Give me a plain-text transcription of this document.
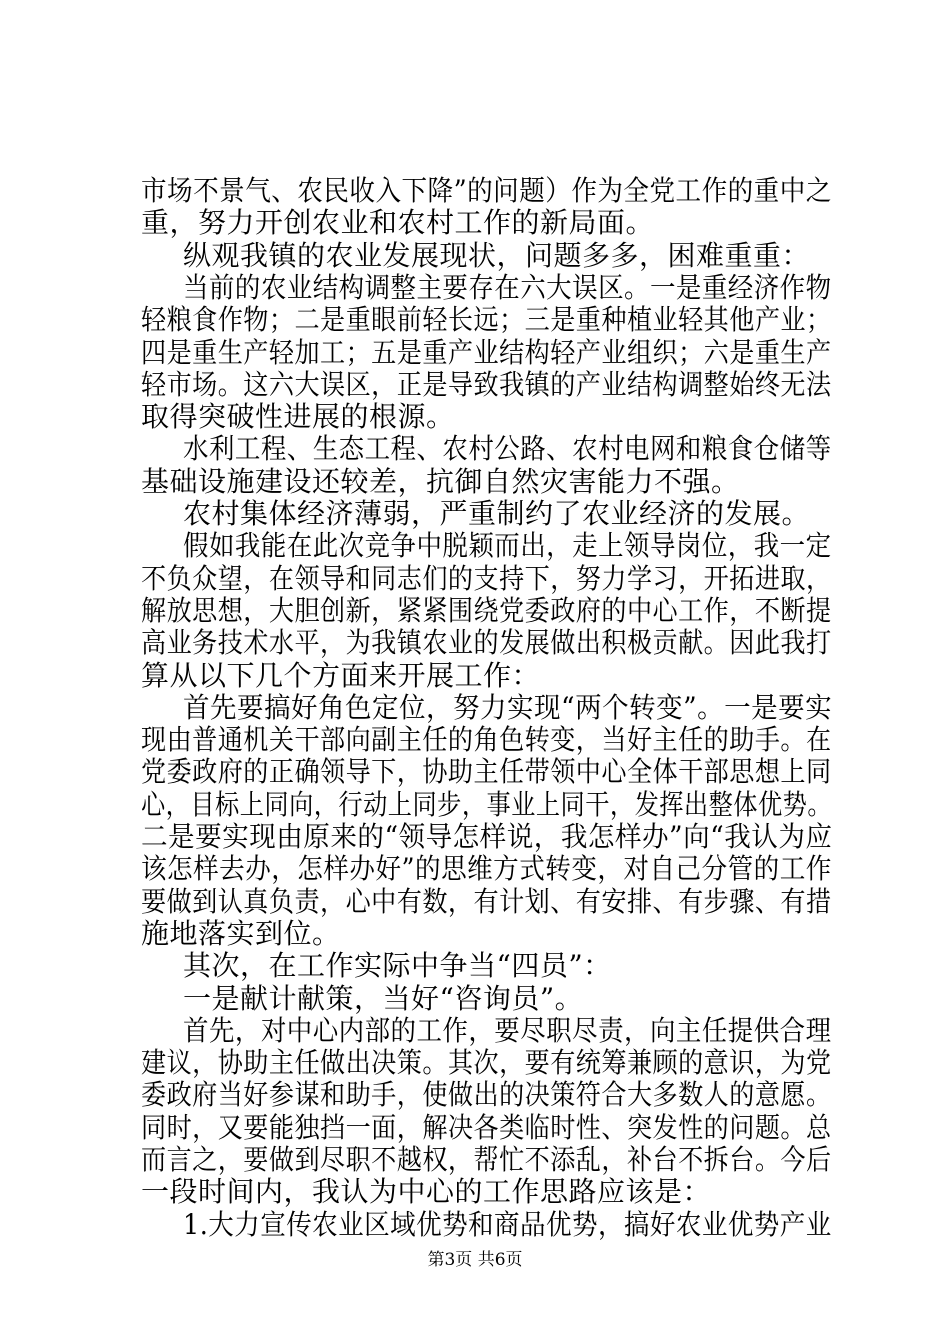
市场不景气、农民收入下降”的问题）作为全党工作的重中之
重，努力开创农业和农村工作的新局面。
纵观我镇的农业发展现状，问题多多，困难重重：
当前的农业结构调整主要存在六大误区。一是重经济作物
轻粮食作物；二是重眼前轻长远；三是重种植业轻其他产业；
四是重生产轻加工；五是重产业结构轻产业组织；六是重生产
轻市场。这六大误区，正是导致我镇的产业结构调整始终无法
取得突破性进展的根源。
水利工程、生态工程、农村公路、农村电网和粮食仓储等
基础设施建设还较差，抗御自然灾害能力不强。
农村集体经济薄弱，严重制约了农业经济的发展。
假如我能在此次竞争中脱颖而出，走上领导岗位，我一定
不负众望，在领导和同志们的支持下，努力学习，开拓进取，
解放思想，大胆创新，紧紧围绕党委政府的中心工作，不断提
高业务技术水平，为我镇农业的发展做出积极贡献。因此我打
算从以下几个方面来开展工作：
首先要搞好角色定位，努力实现“两个转变”。一是要实
现由普通机关干部向副主任的角色转变，当好主任的助手。在
党委政府的正确领导下，协助主任带领中心全体干部思想上同
心，目标上同向，行动上同步，事业上同干，发挥出整体优势。
二是要实现由原来的“领导怎样说，我怎样办”向“我认为应
该怎样去办，怎样办好”的思维方式转变，对自己分管的工作
要做到认真负责，心中有数，有计划、有安排、有步骤、有措
施地落实到位。
其次，在工作实际中争当“四员”：
一是献计献策，当好“咨询员”。
首先，对中心内部的工作，要尽职尽责，向主任提供合理
建议，协助主任做出决策。其次，要有统筹兼顾的意识，为党
委政府当好参谋和助手，使做出的决策符合大多数人的意愿。
同时，又要能独挡一面，解决各类临时性、突发性的问题。总
而言之，要做到尽职不越权，帮忙不添乱，补台不拆台。今后
一段时间内，我认为中心的工作思路应该是：
1.大力宣传农业区域优势和商品优势，搞好农业优势产业
第3页 共6页
